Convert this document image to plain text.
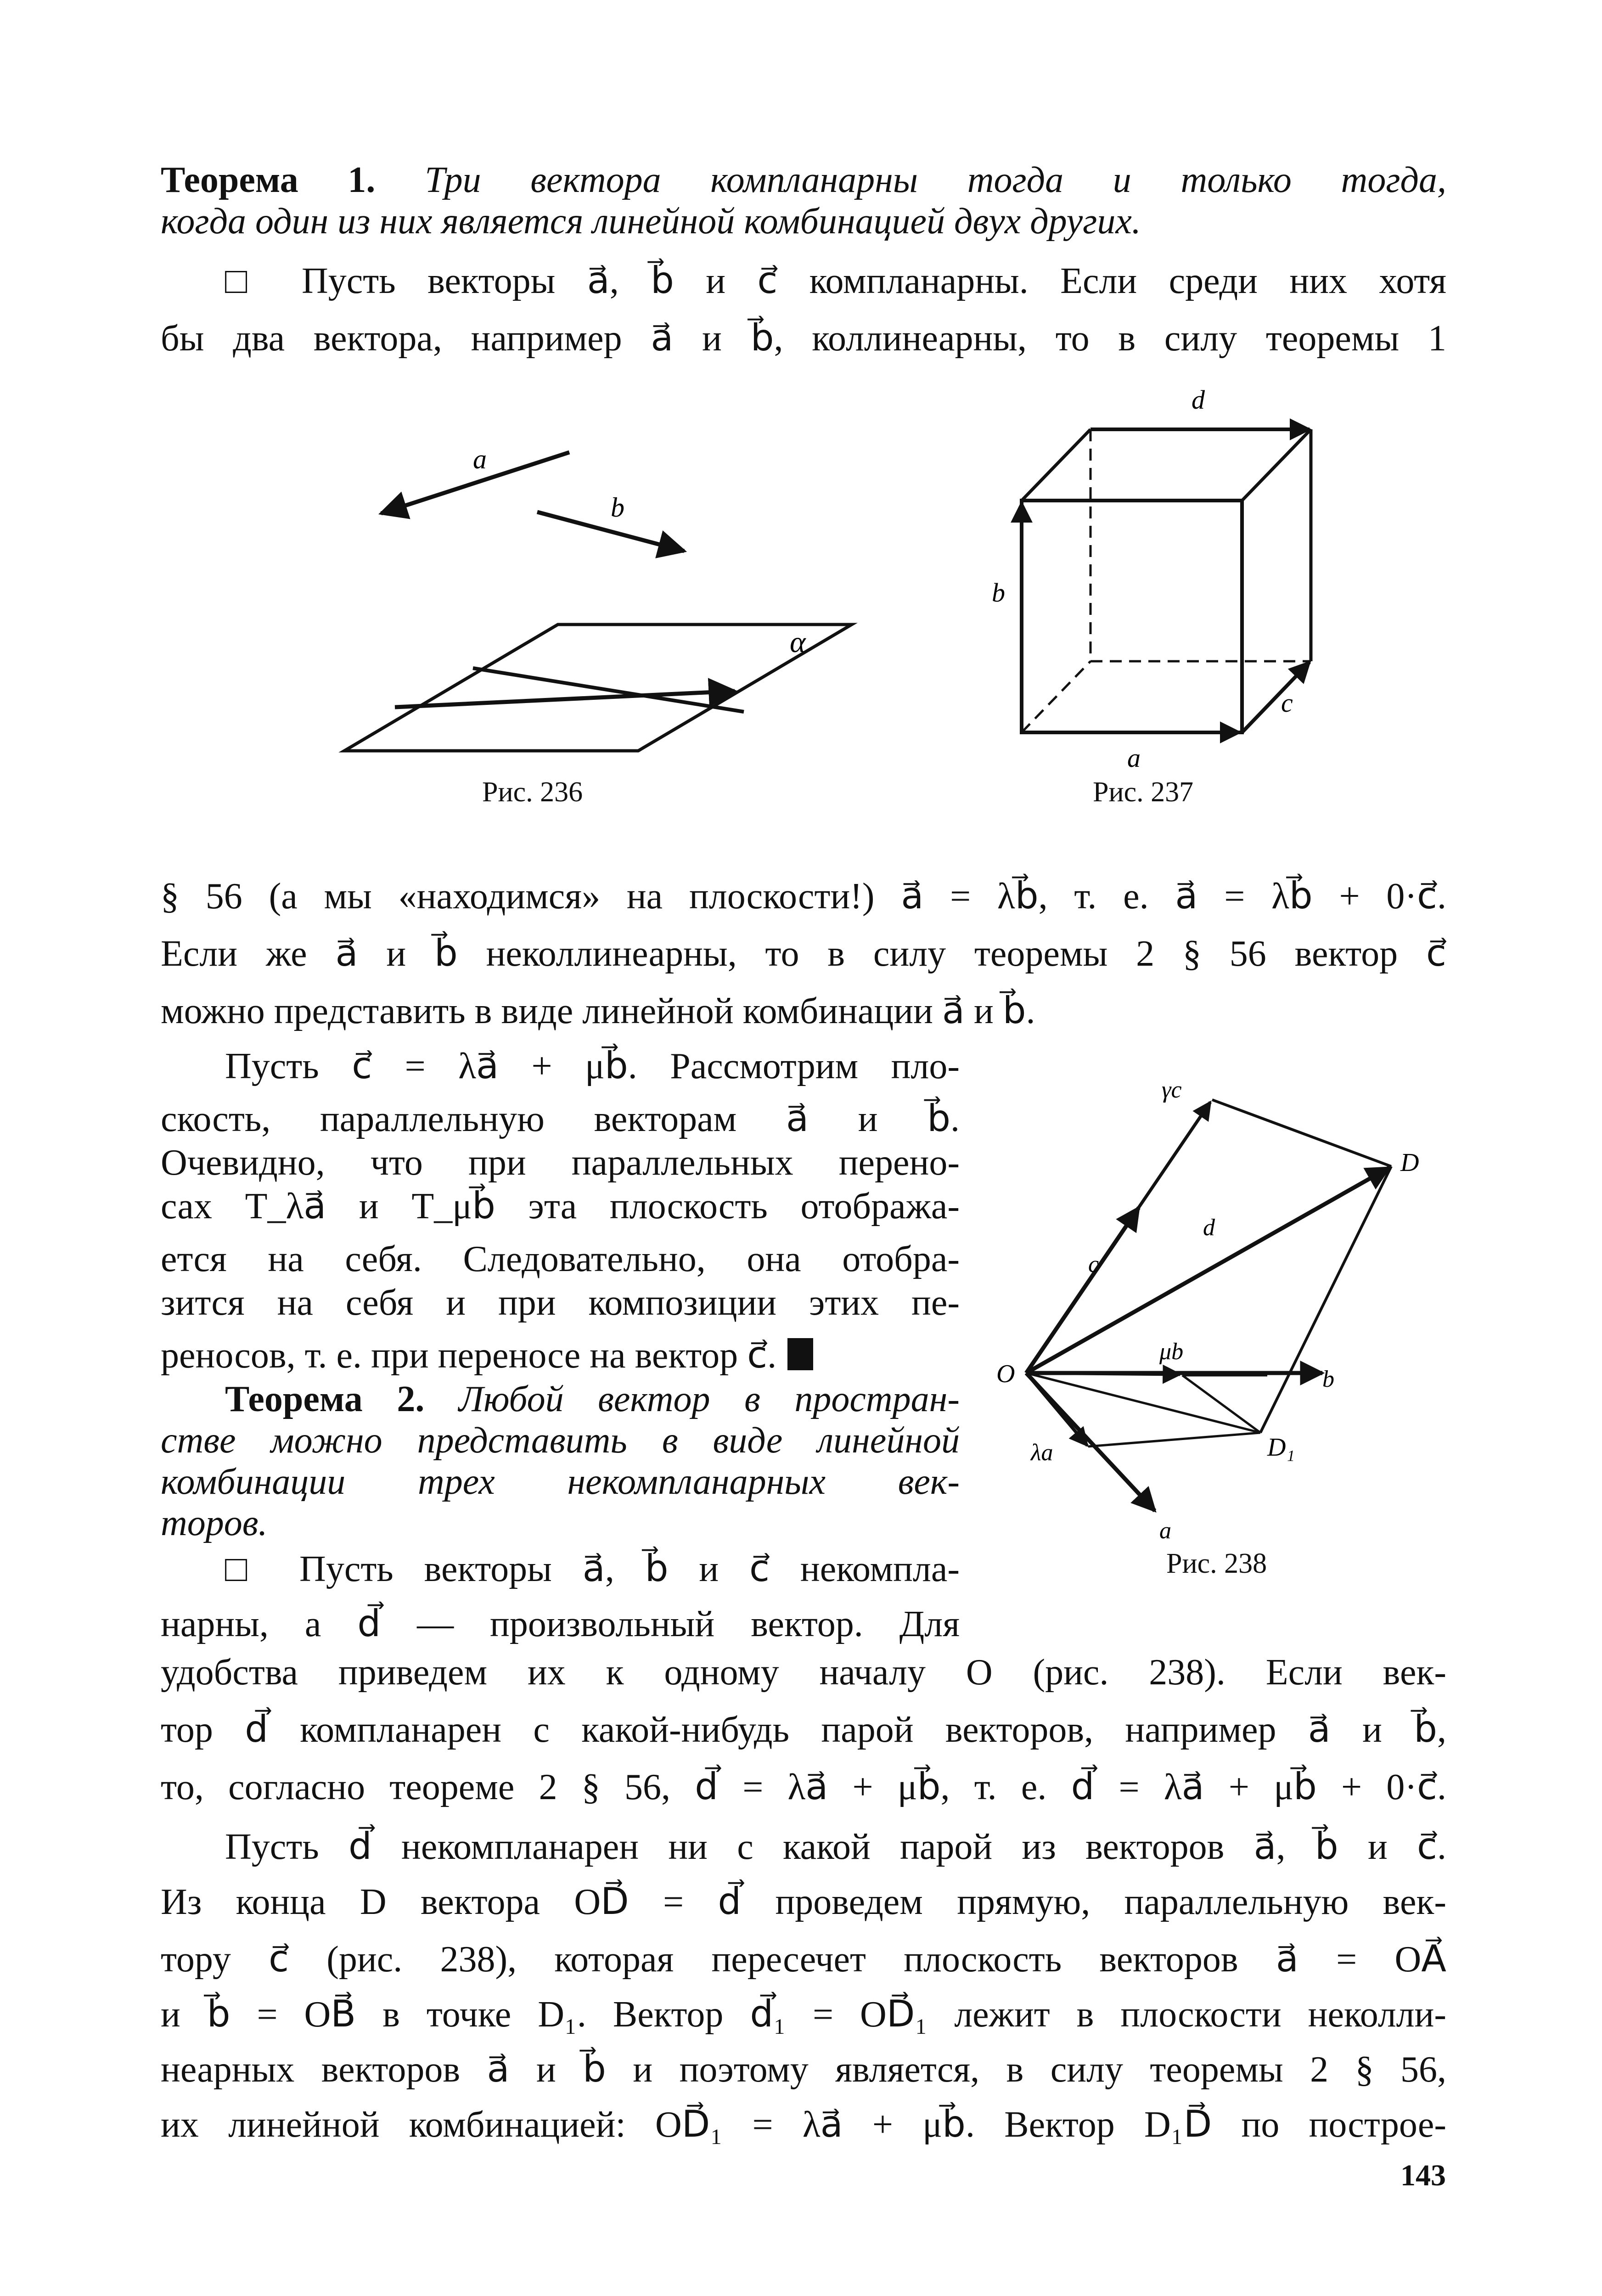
Теорема 1. Три вектора компланарны тогда и только тогда,
когда один из них является линейной комбинацией двух других.
□ Пусть векторы a⃗, b⃗ и c⃗ компланарны. Если среди них хотя
бы два вектора, например a⃗ и b⃗, коллинеарны, то в силу теоремы 1
a
b
α
Рис. 236
d
b
c
a
Рис. 237
§ 56 (а мы «находимся» на плоскости!) a⃗ = λb⃗, т. е. a⃗ = λb⃗ + 0·c⃗.
Если же a⃗ и b⃗ неколлинеарны, то в силу теоремы 2 § 56 вектор c⃗
можно представить в виде линейной комбинации a⃗ и b⃗.
Пусть c⃗ = λa⃗ + μb⃗. Рассмотрим пло-
скость, параллельную векторам a⃗ и b⃗.
Очевидно, что при параллельных перено-
сах T_λa⃗ и T_μb⃗ эта плоскость отобража-
ется на себя. Следовательно, она отобра-
зится на себя и при композиции этих пе-
реносов, т. е. при переносе на вектор c⃗.
Теорема 2. Любой вектор в простран-
стве можно представить в виде линейной
комбинации трех некомпланарных век-
торов.
O
D
D₁
γc
c
d
μb
b
λa
a
Рис. 238
□ Пусть векторы a⃗, b⃗ и c⃗ некомпла-
нарны, а d⃗ — произвольный вектор. Для
удобства приведем их к одному началу O (рис. 238). Если век-
тор d⃗ компланарен с какой-нибудь парой векторов, например a⃗ и b⃗,
то, согласно теореме 2 § 56, d⃗ = λa⃗ + μb⃗, т. е. d⃗ = λa⃗ + μb⃗ + 0·c⃗.
Пусть d⃗ некомпланарен ни с какой парой из векторов a⃗, b⃗ и c⃗.
Из конца D вектора OD⃗ = d⃗ проведем прямую, параллельную век-
тору c⃗ (рис. 238), которая пересечет плоскость векторов a⃗ = OA⃗
и b⃗ = OB⃗ в точке D₁. Вектор d⃗₁ = OD⃗₁ лежит в плоскости неколли-
неарных векторов a⃗ и b⃗ и поэтому является, в силу теоремы 2 § 56,
их линейной комбинацией: OD⃗₁ = λa⃗ + μb⃗. Вектор D₁D⃗ по построе-
143
